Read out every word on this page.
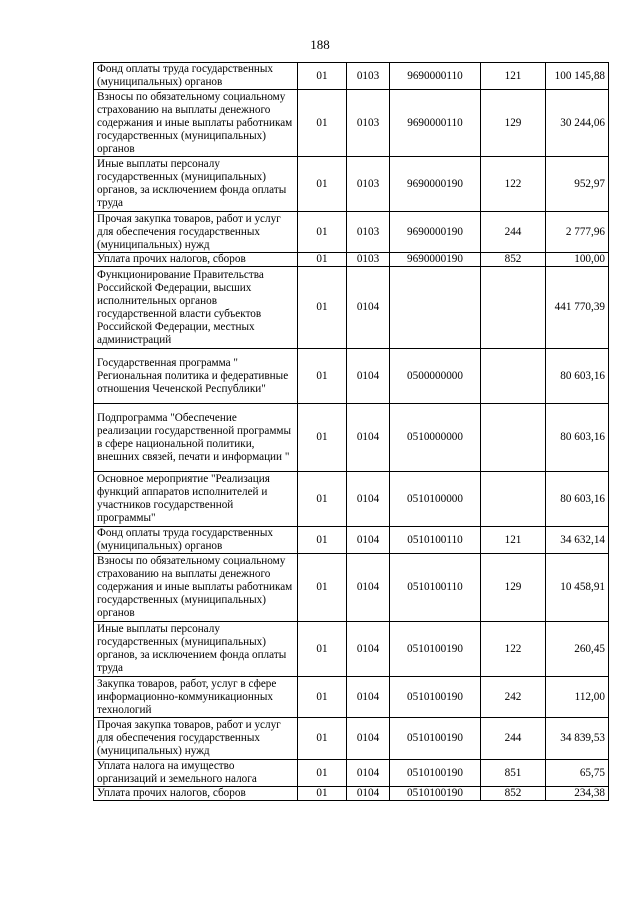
188
Фонд оплаты труда государственных (муниципальных) органов	01	0103	9690000110	121	100 145,88
Взносы по обязательному социальному страхованию на выплаты денежного содержания и иные выплаты работникам государственных (муниципальных) органов	01	0103	9690000110	129	30 244,06
Иные выплаты персоналу государственных (муниципальных) органов, за исключением фонда оплаты труда	01	0103	9690000190	122	952,97
Прочая закупка товаров, работ и услуг для обеспечения государственных (муниципальных) нужд	01	0103	9690000190	244	2 777,96
Уплата прочих налогов, сборов	01	0103	9690000190	852	100,00
Функционирование Правительства Российской Федерации, высших исполнительных органов государственной власти субъектов Российской Федерации, местных администраций	01	0104			441 770,39
Государственная программа " Региональная политика и федеративные отношения Чеченской Республики"	01	0104	0500000000		80 603,16
Подпрограмма "Обеспечение реализации государственной программы в сфере национальной политики, внешних связей, печати и информации "	01	0104	0510000000		80 603,16
Основное мероприятие "Реализация функций аппаратов исполнителей и участников государственной программы"	01	0104	0510100000		80 603,16
Фонд оплаты труда государственных (муниципальных) органов	01	0104	0510100110	121	34 632,14
Взносы по обязательному социальному страхованию на выплаты денежного содержания и иные выплаты работникам государственных (муниципальных) органов	01	0104	0510100110	129	10 458,91
Иные выплаты персоналу государственных (муниципальных) органов, за исключением фонда оплаты труда	01	0104	0510100190	122	260,45
Закупка товаров, работ, услуг в сфере информационно-коммуникационных технологий	01	0104	0510100190	242	112,00
Прочая закупка товаров, работ и услуг для обеспечения государственных (муниципальных) нужд	01	0104	0510100190	244	34 839,53
Уплата налога на имущество организаций и земельного налога	01	0104	0510100190	851	65,75
Уплата прочих налогов, сборов	01	0104	0510100190	852	234,38
